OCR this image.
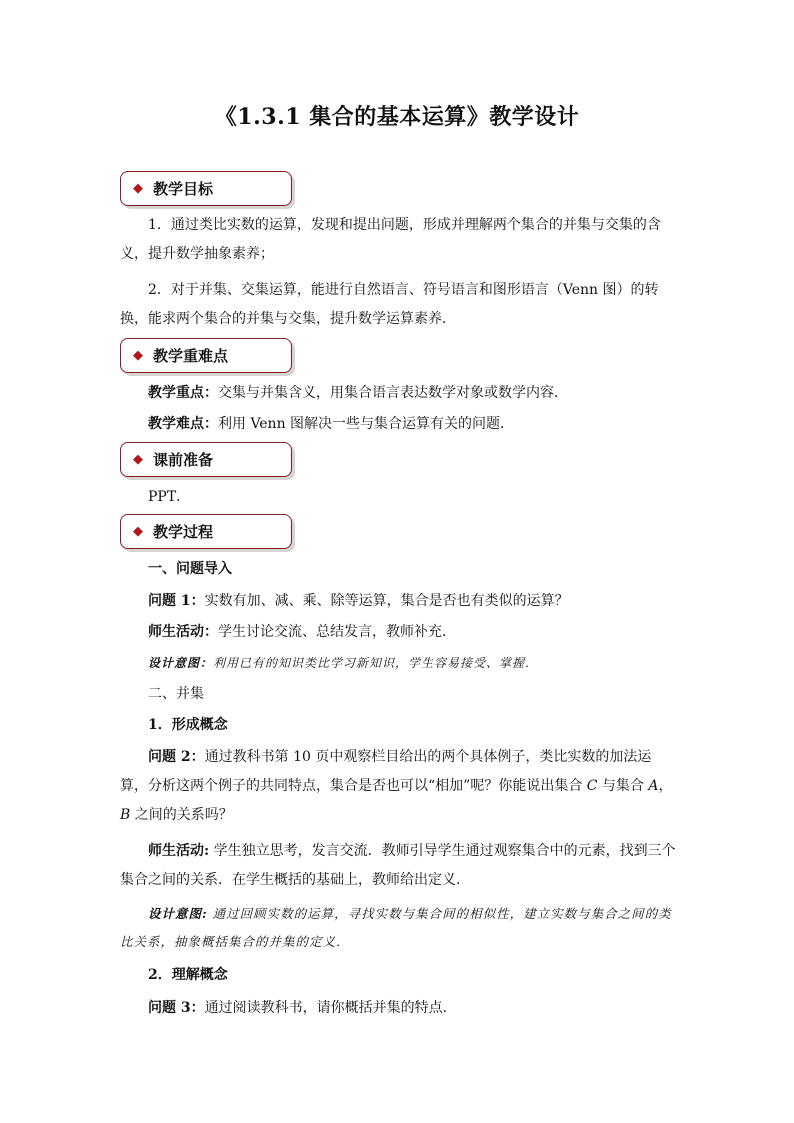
《1.3.1 集合的基本运算》教学设计
◆ 教学目标

1．通过类比实数的运算，发现和提出问题，形成并理解两个集合的并集与交集的含义，提升数学抽象素养；

2．对于并集、交集运算，能进行自然语言、符号语言和图形语言（Venn 图）的转换，能求两个集合的并集与交集，提升数学运算素养．

◆ 教学重难点

教学重点：交集与并集含义，用集合语言表达数学对象或数学内容．

教学难点：利用 Venn 图解决一些与集合运算有关的问题．

◆ 课前准备

PPT．

◆ 教学过程

一、问题导入

问题 1：实数有加、减、乘、除等运算，集合是否也有类似的运算？

师生活动：学生讨论交流、总结发言，教师补充．

设计意图：利用已有的知识类比学习新知识，学生容易接受、掌握．

二、并集

1．形成概念

问题 2：通过教科书第 10 页中观察栏目给出的两个具体例子，类比实数的加法运算，分析这两个例子的共同特点，集合是否也可以“相加”呢？你能说出集合 C 与集合 A，B 之间的关系吗？

师生活动: 学生独立思考，发言交流．教师引导学生通过观察集合中的元素，找到三个集合之间的关系．在学生概括的基础上，教师给出定义．

设计意图: 通过回顾实数的运算，寻找实数与集合间的相似性，建立实数与集合之间的类比关系，抽象概括集合的并集的定义．

2．理解概念

问题 3：通过阅读教科书，请你概括并集的特点．
